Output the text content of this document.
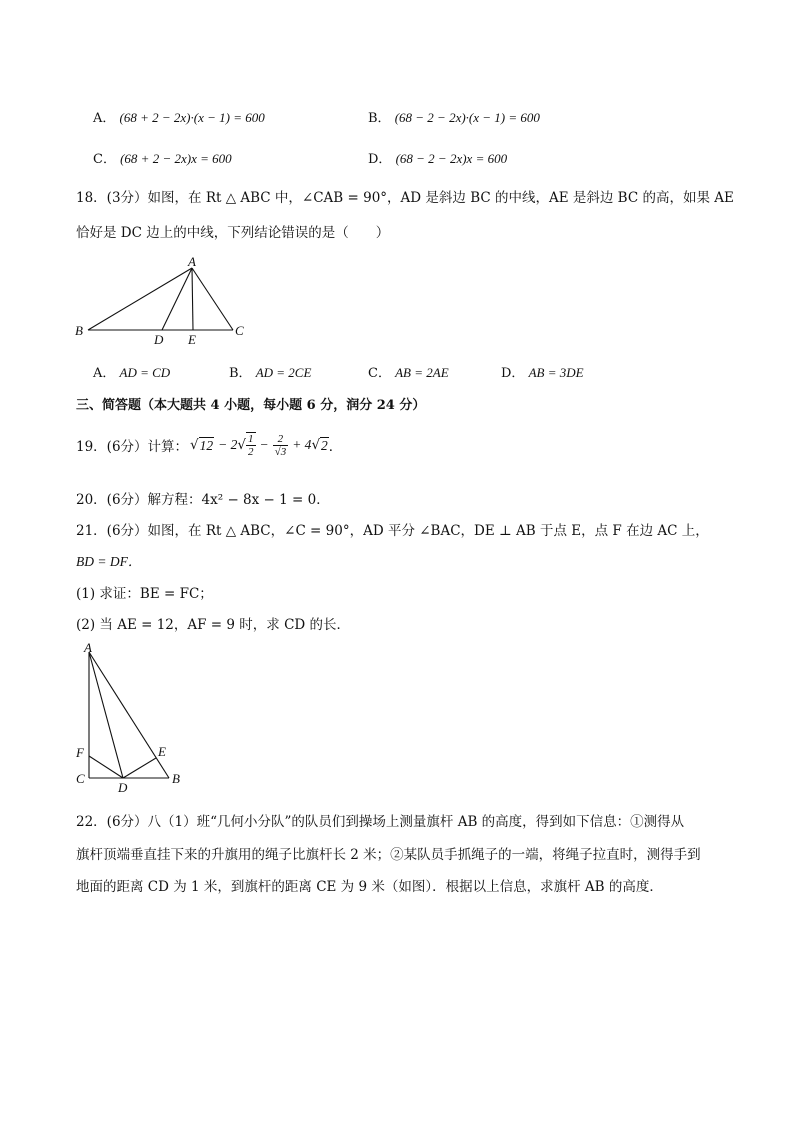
A． (68 + 2 − 2x)·(x − 1) = 600	B． (68 − 2 − 2x)·(x − 1) = 600
C． (68 + 2 − 2x)x = 600	D． (68 − 2 − 2x)x = 600
18．(3分）如图，在 Rt △ ABC 中，∠CAB = 90°，AD 是斜边 BC 的中线，AE 是斜边 BC 的高，如果 AE
恰好是 DC 边上的中线，下列结论错误的是（　　）
A
B	C
D E
A． AD = CD	B． AD = 2CE	C． AB = 2AE	D． AB = 3DE
三、简答题（本大题共 4 小题，每小题 6 分，润分 24 分）
19．(6分）计算： √ 12 − 2 √ $\frac{1}{2} - \frac{2}{√3} + 4$ √ 2 ．
20．(6分）解方程：4x² − 8x − 1 = 0．
21．(6分）如图，在 Rt △ ABC，∠C = 90°，AD 平分 ∠BAC，DE ⊥ AB 于点 E，点 F 在边 AC 上，
BD = DF．
(1) 求证：BE = FC；
(2) 当 AE = 12，AF = 9 时，求 CD 的长．
A
C
F
D
E
B
22．(6分）八（1）班“几何小分队”的队员们到操场上测量旗杆 AB 的高度，得到如下信息：①测得从
旗杆顶端垂直挂下来的升旗用的绳子比旗杆长 2 米；②某队员手抓绳子的一端，将绳子拉直时，测得手到
地面的距离 CD 为 1 米，到旗杆的距离 CE 为 9 米（如图）．根据以上信息，求旗杆 AB 的高度．
